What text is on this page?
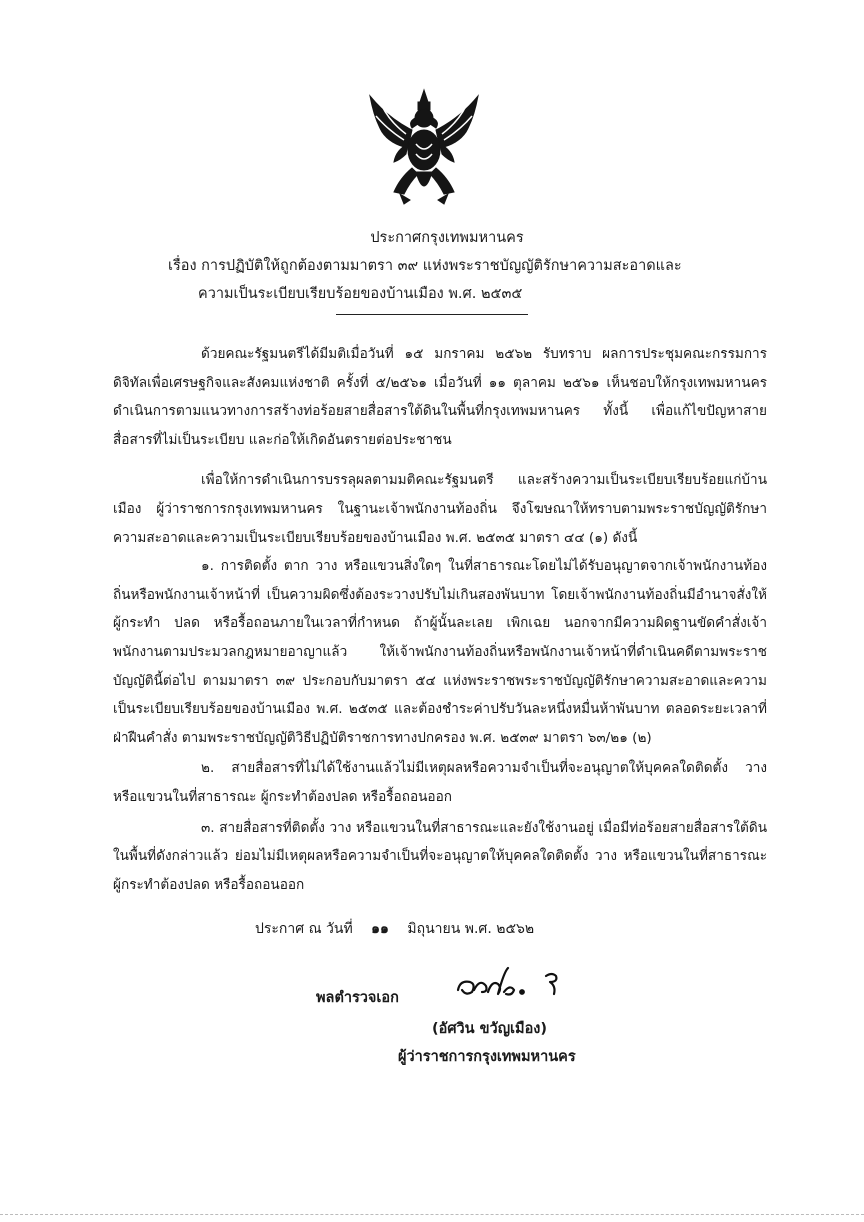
ประกาศกรุงเทพมหานคร
เรื่อง การปฏิบัติให้ถูกต้องตามมาตรา ๓๙ แห่งพระราชบัญญัติรักษาความสะอาดและ
ความเป็นระเบียบเรียบร้อยของบ้านเมือง พ.ศ. ๒๕๓๕

ด้วยคณะรัฐมนตรีได้มีมติเมื่อวันที่ ๑๕ มกราคม ๒๕๖๒ รับทราบ ผลการประชุมคณะกรรมการดิจิทัลเพื่อเศรษฐกิจและสังคมแห่งชาติ ครั้งที่ ๕/๒๕๖๑ เมื่อวันที่ ๑๑ ตุลาคม ๒๕๖๑ เห็นชอบให้กรุงเทพมหานครดำเนินการตามแนวทางการสร้างท่อร้อยสายสื่อสารใต้ดินในพื้นที่กรุงเทพมหานคร ทั้งนี้ เพื่อแก้ไขปัญหาสายสื่อสารที่ไม่เป็นระเบียบ และก่อให้เกิดอันตรายต่อประชาชน

เพื่อให้การดำเนินการบรรลุผลตามมติคณะรัฐมนตรี และสร้างความเป็นระเบียบเรียบร้อยแก่บ้านเมือง ผู้ว่าราชการกรุงเทพมหานคร ในฐานะเจ้าพนักงานท้องถิ่น จึงโฆษณาให้ทราบตามพระราชบัญญัติรักษาความสะอาดและความเป็นระเบียบเรียบร้อยของบ้านเมือง พ.ศ. ๒๕๓๕ มาตรา ๔๔ (๑) ดังนี้

๑. การติดตั้ง ตาก วาง หรือแขวนสิ่งใดๆ ในที่สาธารณะโดยไม่ได้รับอนุญาตจากเจ้าพนักงานท้องถิ่นหรือพนักงานเจ้าหน้าที่ เป็นความผิดซึ่งต้องระวางปรับไม่เกินสองพันบาท โดยเจ้าพนักงานท้องถิ่นมีอำนาจสั่งให้ผู้กระทำ ปลด หรือรื้อถอนภายในเวลาที่กำหนด ถ้าผู้นั้นละเลย เพิกเฉย นอกจากมีความผิดฐานขัดคำสั่งเจ้าพนักงานตามประมวลกฎหมายอาญาแล้ว ให้เจ้าพนักงานท้องถิ่นหรือพนักงานเจ้าหน้าที่ดำเนินคดีตามพระราชบัญญัตินี้ต่อไป ตามมาตรา ๓๙ ประกอบกับมาตรา ๕๔ แห่งพระราชพระราชบัญญัติรักษาความสะอาดและความเป็นระเบียบเรียบร้อยของบ้านเมือง พ.ศ. ๒๕๓๕ และต้องชำระค่าปรับวันละหนึ่งหมื่นห้าพันบาท ตลอดระยะเวลาที่ฝ่าฝืนคำสั่ง ตามพระราชบัญญัติวิธีปฏิบัติราชการทางปกครอง พ.ศ. ๒๕๓๙ มาตรา ๖๓/๒๑ (๒)

๒. สายสื่อสารที่ไม่ได้ใช้งานแล้วไม่มีเหตุผลหรือความจำเป็นที่จะอนุญาตให้บุคคลใดติดตั้ง วาง หรือแขวนในที่สาธารณะ ผู้กระทำต้องปลด หรือรื้อถอนออก

๓. สายสื่อสารที่ติดตั้ง วาง หรือแขวนในที่สาธารณะและยังใช้งานอยู่ เมื่อมีท่อร้อยสายสื่อสารใต้ดินในพื้นที่ดังกล่าวแล้ว ย่อมไม่มีเหตุผลหรือความจำเป็นที่จะอนุญาตให้บุคคลใดติดตั้ง วาง หรือแขวนในที่สาธารณะ ผู้กระทำต้องปลด หรือรื้อถอนออก

ประกาศ ณ วันที่ ๑๑ มิถุนายน พ.ศ. ๒๕๖๒
พลตำรวจเอก
(อัศวิน ขวัญเมือง)
ผู้ว่าราชการกรุงเทพมหานคร
